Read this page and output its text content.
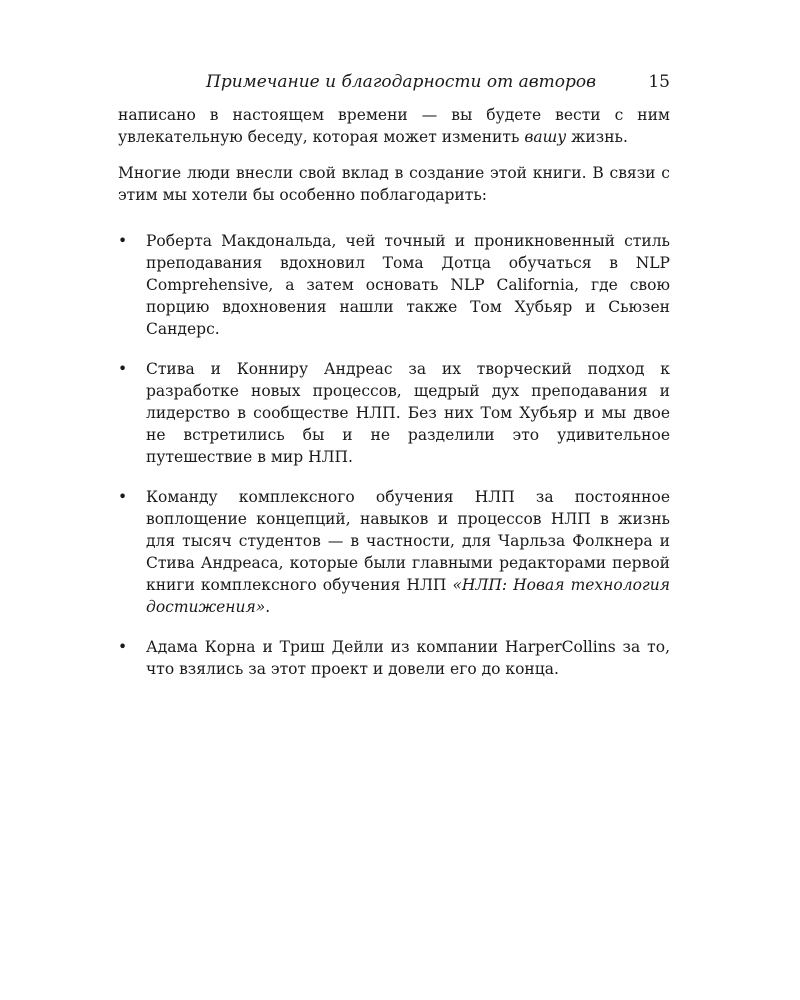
Примечание и благодарности от авторов	15

написано в настоящем времени — вы будете вести с ним увлекательную беседу, которая может изменить вашу жизнь.

Многие люди внесли свой вклад в создание этой книги. В связи с этим мы хотели бы особенно поблагодарить:

•	Роберта Макдональда, чей точный и проникновенный стиль преподавания вдохновил Тома Дотца обучаться в NLP Comprehensive, а затем основать NLP California, где свою порцию вдохновения нашли также Том Хубьяр и Сьюзен Сандерс.
•	Стива и Конниру Андреас за их творческий подход к разработке новых процессов, щедрый дух преподавания и лидерство в сообществе НЛП. Без них Том Хубьяр и мы двое не встретились бы и не разделили это удивительное путешествие в мир НЛП.
•	Команду комплексного обучения НЛП за постоянное воплощение концепций, навыков и процессов НЛП в жизнь для тысяч студентов — в частности, для Чарльза Фолкнера и Стива Андреаса, которые были главными редакторами первой книги комплексного обучения НЛП «НЛП: Новая технология достижения».
•	Адама Корна и Триш Дейли из компании HarperCollins за то, что взялись за этот проект и довели его до конца.
